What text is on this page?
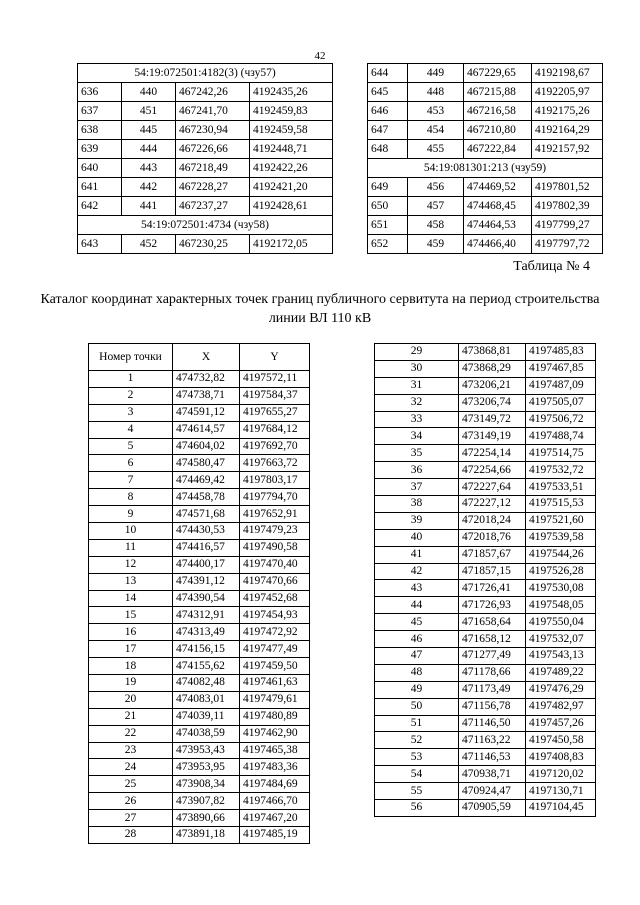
42
54:19:072501:4182(3) (чзу57)			
636	440	467242,26	4192435,26
637	451	467241,70	4192459,83
638	445	467230,94	4192459,58
639	444	467226,66	4192448,71
640	443	467218,49	4192422,26
641	442	467228,27	4192421,20
642	441	467237,27	4192428,61
54:19:072501:4734 (чзу58)			
643	452	467230,25	4192172,05
644	449	467229,65	4192198,67
645	448	467215,88	4192205,97
646	453	467216,58	4192175,26
647	454	467210,80	4192164,29
648	455	467222,84	4192157,92
54:19:081301:213 (чзу59)			
649	456	474469,52	4197801,52
650	457	474468,45	4197802,39
651	458	474464,53	4197799,27
652	459	474466,40	4197797,72
Таблица № 4
Каталог координат характерных точек границ публичного сервитута на период строительства линии ВЛ 110 кВ
Номер точки	X	Y
1	474732,82	4197572,11
2	474738,71	4197584,37
3	474591,12	4197655,27
4	474614,57	4197684,12
5	474604,02	4197692,70
6	474580,47	4197663,72
7	474469,42	4197803,17
8	474458,78	4197794,70
9	474571,68	4197652,91
10	474430,53	4197479,23
11	474416,57	4197490,58
12	474400,17	4197470,40
13	474391,12	4197470,66
14	474390,54	4197452,68
15	474312,91	4197454,93
16	474313,49	4197472,92
17	474156,15	4197477,49
18	474155,62	4197459,50
19	474082,48	4197461,63
20	474083,01	4197479,61
21	474039,11	4197480,89
22	474038,59	4197462,90
23	473953,43	4197465,38
24	473953,95	4197483,36
25	473908,34	4197484,69
26	473907,82	4197466,70
27	473890,66	4197467,20
28	473891,18	4197485,19
29	473868,81	4197485,83
30	473868,29	4197467,85
31	473206,21	4197487,09
32	473206,74	4197505,07
33	473149,72	4197506,72
34	473149,19	4197488,74
35	472254,14	4197514,75
36	472254,66	4197532,72
37	472227,64	4197533,51
38	472227,12	4197515,53
39	472018,24	4197521,60
40	472018,76	4197539,58
41	471857,67	4197544,26
42	471857,15	4197526,28
43	471726,41	4197530,08
44	471726,93	4197548,05
45	471658,64	4197550,04
46	471658,12	4197532,07
47	471277,49	4197543,13
48	471178,66	4197489,22
49	471173,49	4197476,29
50	471156,78	4197482,97
51	471146,50	4197457,26
52	471163,22	4197450,58
53	471146,53	4197408,83
54	470938,71	4197120,02
55	470924,47	4197130,71
56	470905,59	4197104,45
